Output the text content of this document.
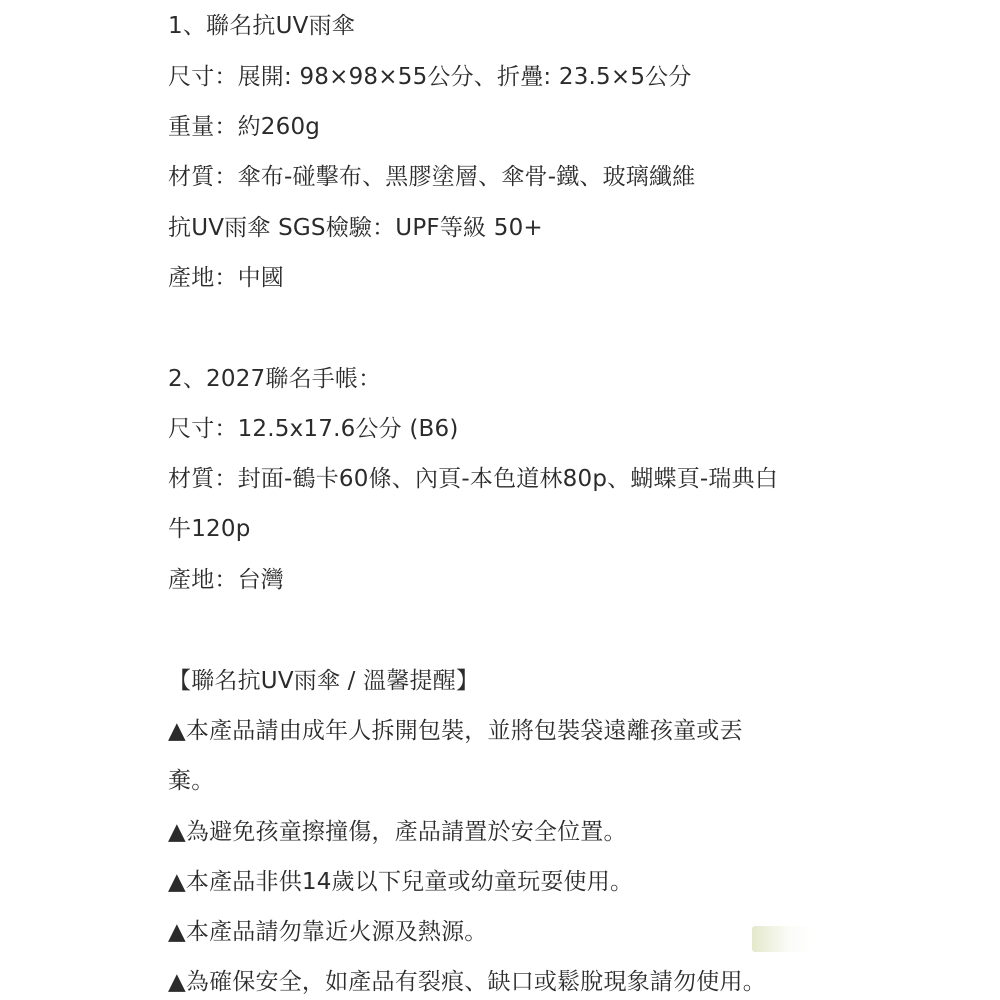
1、聯名抗UV雨傘
尺寸：展開: 98×98×55公分、折疊: 23.5×5公分
重量：約260g
材質：傘布-碰擊布、黑膠塗層、傘骨-鐵、玻璃纖維
抗UV雨傘 SGS檢驗：UPF等級 50+
產地：中國
2、2027聯名手帳：
尺寸：12.5x17.6公分 (B6)
材質：封面-鶴卡60條、內頁-本色道林80p、蝴蝶頁-瑞典白
牛120p
產地：台灣
【聯名抗UV雨傘 / 溫馨提醒】
▲本產品請由成年人拆開包裝，並將包裝袋遠離孩童或丟
棄。
▲為避免孩童擦撞傷，產品請置於安全位置。
▲本產品非供14歲以下兒童或幼童玩耍使用。
▲本產品請勿靠近火源及熱源。
▲為確保安全，如產品有裂痕、缺口或鬆脫現象請勿使用。
